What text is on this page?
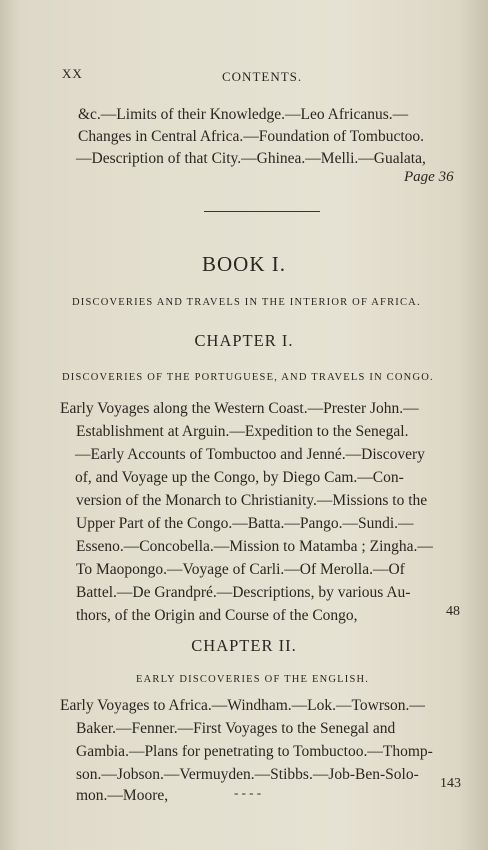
XX	CONTENTS.
&c.—Limits of their Knowledge.—Leo Africanus.—
Changes in Central Africa.—Foundation of Tombuctoo.
—Description of that City.—Ghinea.—Melli.—Gualata,
Page 36
BOOK I.
DISCOVERIES AND TRAVELS IN THE INTERIOR OF AFRICA.
CHAPTER I.
DISCOVERIES OF THE PORTUGUESE, AND TRAVELS IN CONGO.
Early Voyages along the Western Coast.—Prester John.—
Establishment at Arguin.—Expedition to the Senegal.
—Early Accounts of Tombuctoo and Jenné.—Discovery
of, and Voyage up the Congo, by Diego Cam.—Con-
version of the Monarch to Christianity.—Missions to the
Upper Part of the Congo.—Batta.—Pango.—Sundi.—
Esseno.—Concobella.—Mission to Matamba ; Zingha.—
To Maopongo.—Voyage of Carli.—Of Merolla.—Of
Battel.—De Grandpré.—Descriptions, by various Au-
thors, of the Origin and Course of the Congo,	48
CHAPTER II.
EARLY DISCOVERIES OF THE ENGLISH.
Early Voyages to Africa.—Windham.—Lok.—Towrson.—
Baker.—Fenner.—First Voyages to the Senegal and
Gambia.—Plans for penetrating to Tombuctoo.—Thomp-
son.—Jobson.—Vermuyden.—Stibbs.—Job-Ben-Solo-
mon.—Moore,	- - - -
143
